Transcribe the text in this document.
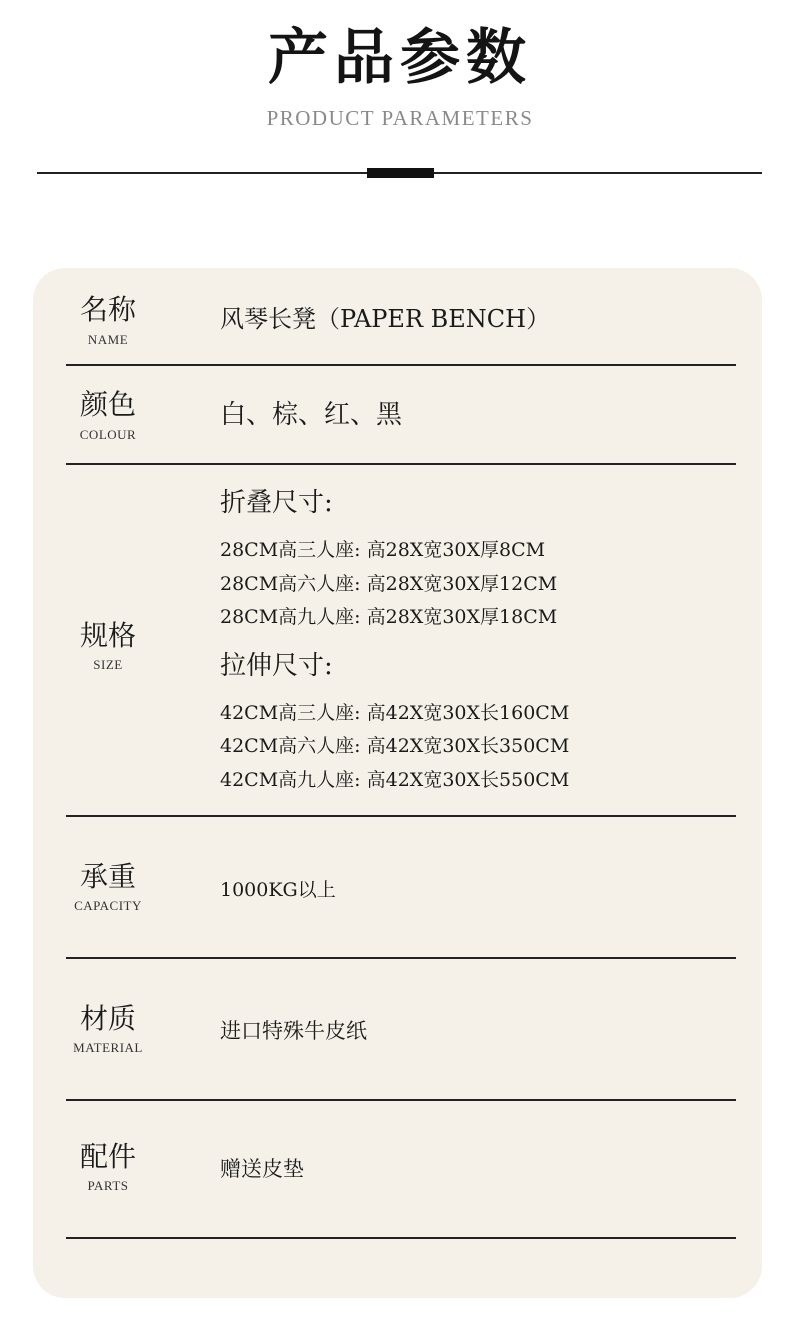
产品参数
PRODUCT PARAMETERS
名称
NAME
风琴长凳（PAPER BENCH）
颜色
COLOUR
白、棕、红、黑
规格
SIZE
折叠尺寸:
28CM高三人座: 高28X宽30X厚8CM
28CM高六人座: 高28X宽30X厚12CM
28CM高九人座: 高28X宽30X厚18CM
拉伸尺寸:
42CM高三人座: 高42X宽30X长160CM
42CM高六人座: 高42X宽30X长350CM
42CM高九人座: 高42X宽30X长550CM
承重
CAPACITY
1000KG以上
材质
MATERIAL
进口特殊牛皮纸
配件
PARTS
赠送皮垫
